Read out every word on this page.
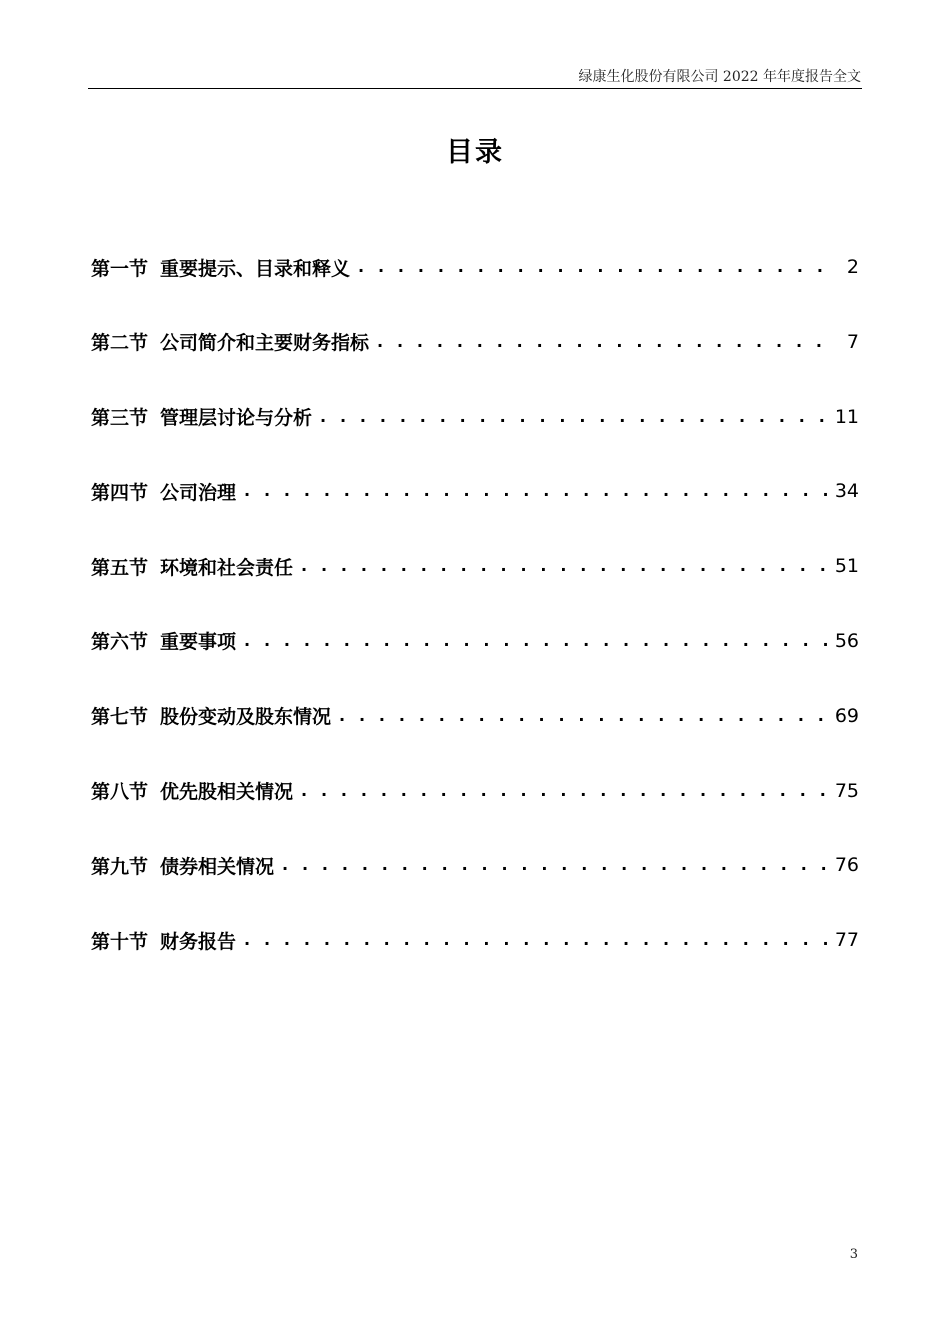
绿康生化股份有限公司 2022 年年度报告全文
目录
第一节 重要提示、目录和释义 . . .	2
第二节 公司简介和主要财务指标 . . .	7
第三节 管理层讨论与分析 . . .	11
第四节 公司治理 . . .	34
第五节 环境和社会责任 . . .	51
第六节 重要事项 . . .	56
第七节 股份变动及股东情况 . . .	69
第八节 优先股相关情况 . . .	75
第九节 债券相关情况 . . .	76
第十节 财务报告 . . .	77
3
